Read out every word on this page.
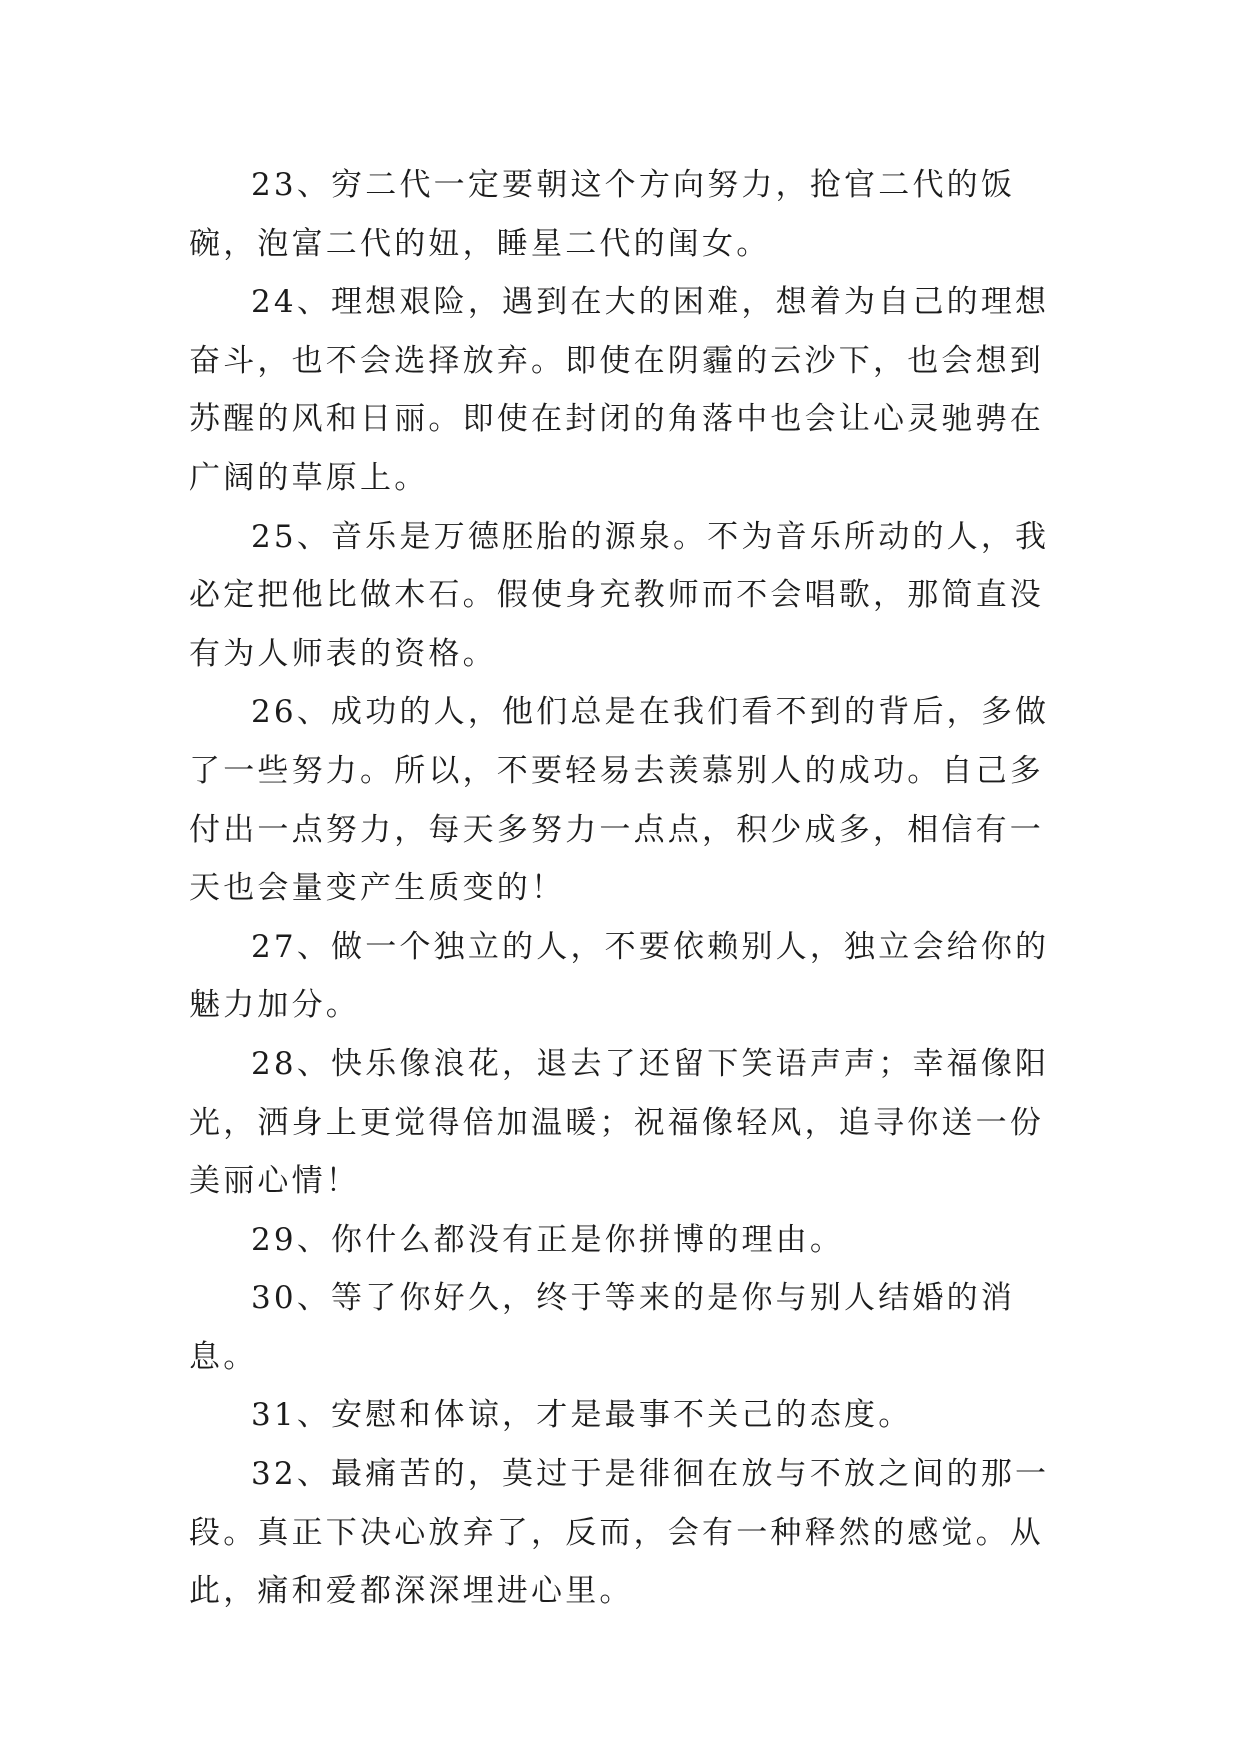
23、穷二代一定要朝这个方向努力，抢官二代的饭碗，泡富二代的妞，睡星二代的闺女。

24、理想艰险，遇到在大的困难，想着为自己的理想奋斗，也不会选择放弃。即使在阴霾的云沙下，也会想到苏醒的风和日丽。即使在封闭的角落中也会让心灵驰骋在广阔的草原上。

25、音乐是万德胚胎的源泉。不为音乐所动的人，我必定把他比做木石。假使身充教师而不会唱歌，那简直没有为人师表的资格。

26、成功的人，他们总是在我们看不到的背后，多做了一些努力。所以，不要轻易去羡慕别人的成功。自己多付出一点努力，每天多努力一点点，积少成多，相信有一天也会量变产生质变的！

27、做一个独立的人，不要依赖别人，独立会给你的魅力加分。

28、快乐像浪花，退去了还留下笑语声声；幸福像阳光，洒身上更觉得倍加温暖；祝福像轻风，追寻你送一份美丽心情！

29、你什么都没有正是你拼博的理由。

30、等了你好久，终于等来的是你与别人结婚的消息。

31、安慰和体谅，才是最事不关己的态度。

32、最痛苦的，莫过于是徘徊在放与不放之间的那一段。真正下决心放弃了，反而，会有一种释然的感觉。从此，痛和爱都深深埋进心里。
